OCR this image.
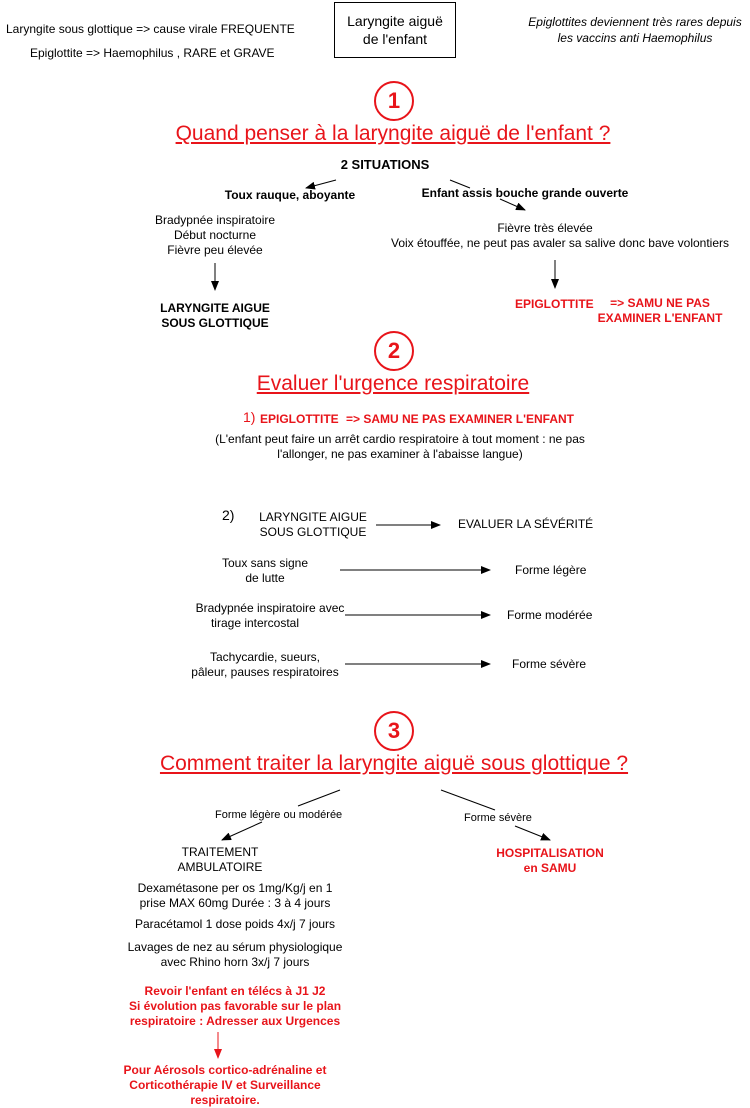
Laryngite sous glottique => cause virale FREQUENTE
Epiglottite => Haemophilus , RARE et GRAVE
Laryngite aiguë
de l'enfant
Epiglottites deviennent très rares depuis
les vaccins anti Haemophilus
1
Quand penser à la laryngite aiguë de l'enfant ?
2 SITUATIONS
Toux rauque, aboyante
Bradypnée inspiratoire
Début nocturne
Fièvre peu élevée
LARYNGITE AIGUE
SOUS GLOTTIQUE
Enfant assis bouche grande ouverte
Fièvre très élevée
Voix étouffée, ne peut pas avaler sa salive donc bave volontiers
EPIGLOTTITE	=> SAMU NE PAS
EXAMINER L'ENFANT
2
Evaluer l'urgence respiratoire
1) EPIGLOTTITE => SAMU NE PAS EXAMINER L'ENFANT
(L'enfant peut faire un arrêt cardio respiratoire à tout moment : ne pas
l'allonger, ne pas examiner à l'abaisse langue)
2)	LARYNGITE AIGUE
SOUS GLOTTIQUE
EVALUER LA SÉVÉRITÉ
Toux sans signe
de lutte
Forme légère
Bradypnée inspiratoire avec
tirage intercostal
Forme modérée
Tachycardie, sueurs,
pâleur, pauses respiratoires
Forme sévère
3
Comment traiter la laryngite aiguë sous glottique ?
Forme légère ou modérée	Forme sévère
TRAITEMENT
AMBULATOIRE
Dexamétasone per os 1mg/Kg/j en 1
prise MAX 60mg Durée : 3 à 4 jours
Paracétamol 1 dose poids 4x/j 7 jours
Lavages de nez au sérum physiologique
avec Rhino horn 3x/j 7 jours
Revoir l'enfant en télécs à J1 J2
Si évolution pas favorable sur le plan
respiratoire : Adresser aux Urgences
Pour Aérosols cortico-adrénaline et
Corticothérapie IV et Surveillance
respiratoire.
HOSPITALISATION
en SAMU
